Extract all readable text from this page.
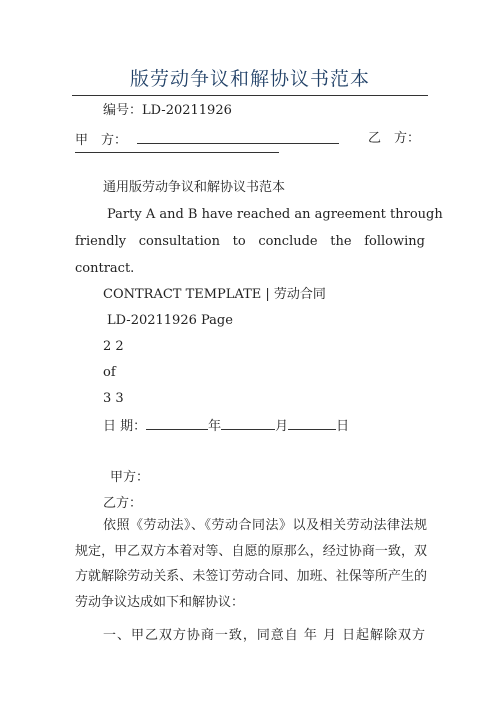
版劳动争议和解协议书范本
编号：LD-20211926
甲　方：	乙　方：
通用版劳动争议和解协议书范本
Party A and B have reached an agreement through
friendly consultation to conclude the following
contract.
CONTRACT TEMPLATE | 劳动合同
LD-20211926 Page
2 2
of
3 3
日 期：	年	月	日
甲方：
乙方：
依照《劳动法》、《劳动合同法》以及相关劳动法律法规规定，甲乙双方本着对等、自愿的原那么，经过协商一致，双方就解除劳动关系、未签订劳动合同、加班、社保等所产生的劳动争议达成如下和解协议：
一、甲乙双方协商一致，同意自 年 月 日起解除双方
